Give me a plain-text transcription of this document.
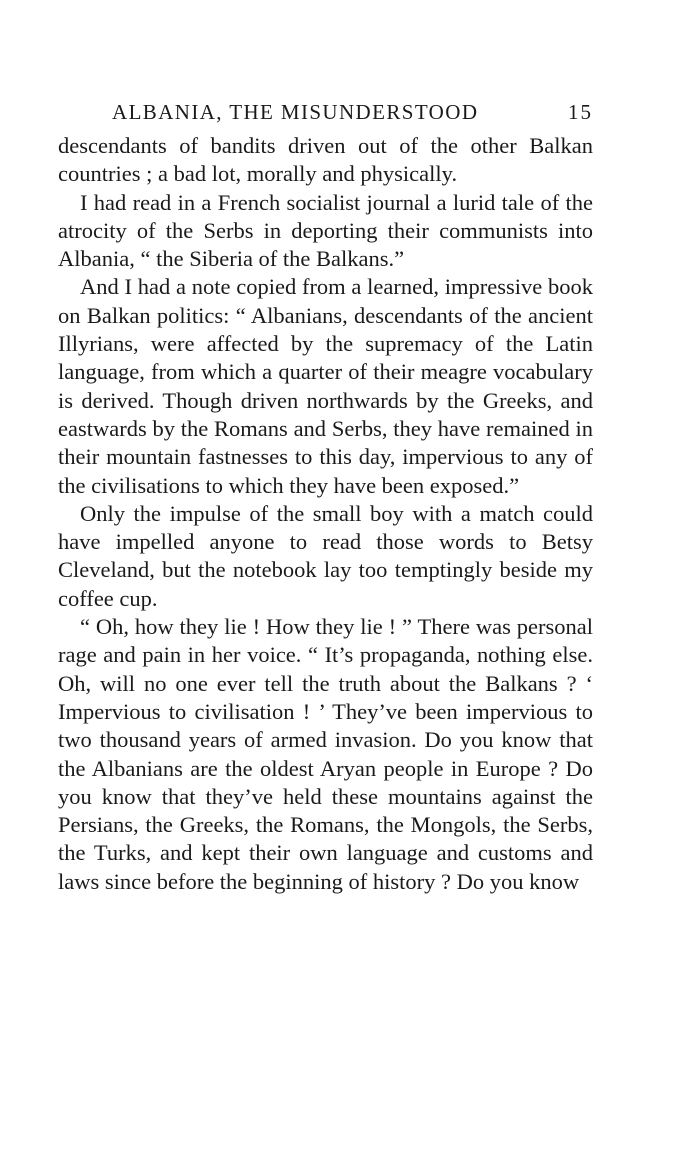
ALBANIA, THE MISUNDERSTOOD	15

descendants of bandits driven out of the other Balkan countries ; a bad lot, morally and physically.

I had read in a French socialist journal a lurid tale of the atrocity of the Serbs in deporting their communists into Albania, “ the Siberia of the Balkans.”

And I had a note copied from a learned, impressive book on Balkan politics: “ Albanians, descendants of the ancient Illyrians, were affected by the supremacy of the Latin language, from which a quarter of their meagre vocabulary is derived. Though driven northwards by the Greeks, and eastwards by the Romans and Serbs, they have remained in their mountain fastnesses to this day, impervious to any of the civilisations to which they have been exposed.”

Only the impulse of the small boy with a match could have impelled anyone to read those words to Betsy Cleveland, but the notebook lay too temptingly beside my coffee cup.

“ Oh, how they lie ! How they lie ! ” There was personal rage and pain in her voice. “ It’s propaganda, nothing else. Oh, will no one ever tell the truth about the Balkans ? ‘ Impervious to civilisation ! ’ They’ve been impervious to two thousand years of armed invasion. Do you know that the Albanians are the oldest Aryan people in Europe ? Do you know that they’ve held these mountains against the Persians, the Greeks, the Romans, the Mongols, the Serbs, the Turks, and kept their own language and customs and laws since before the beginning of history ? Do you know
